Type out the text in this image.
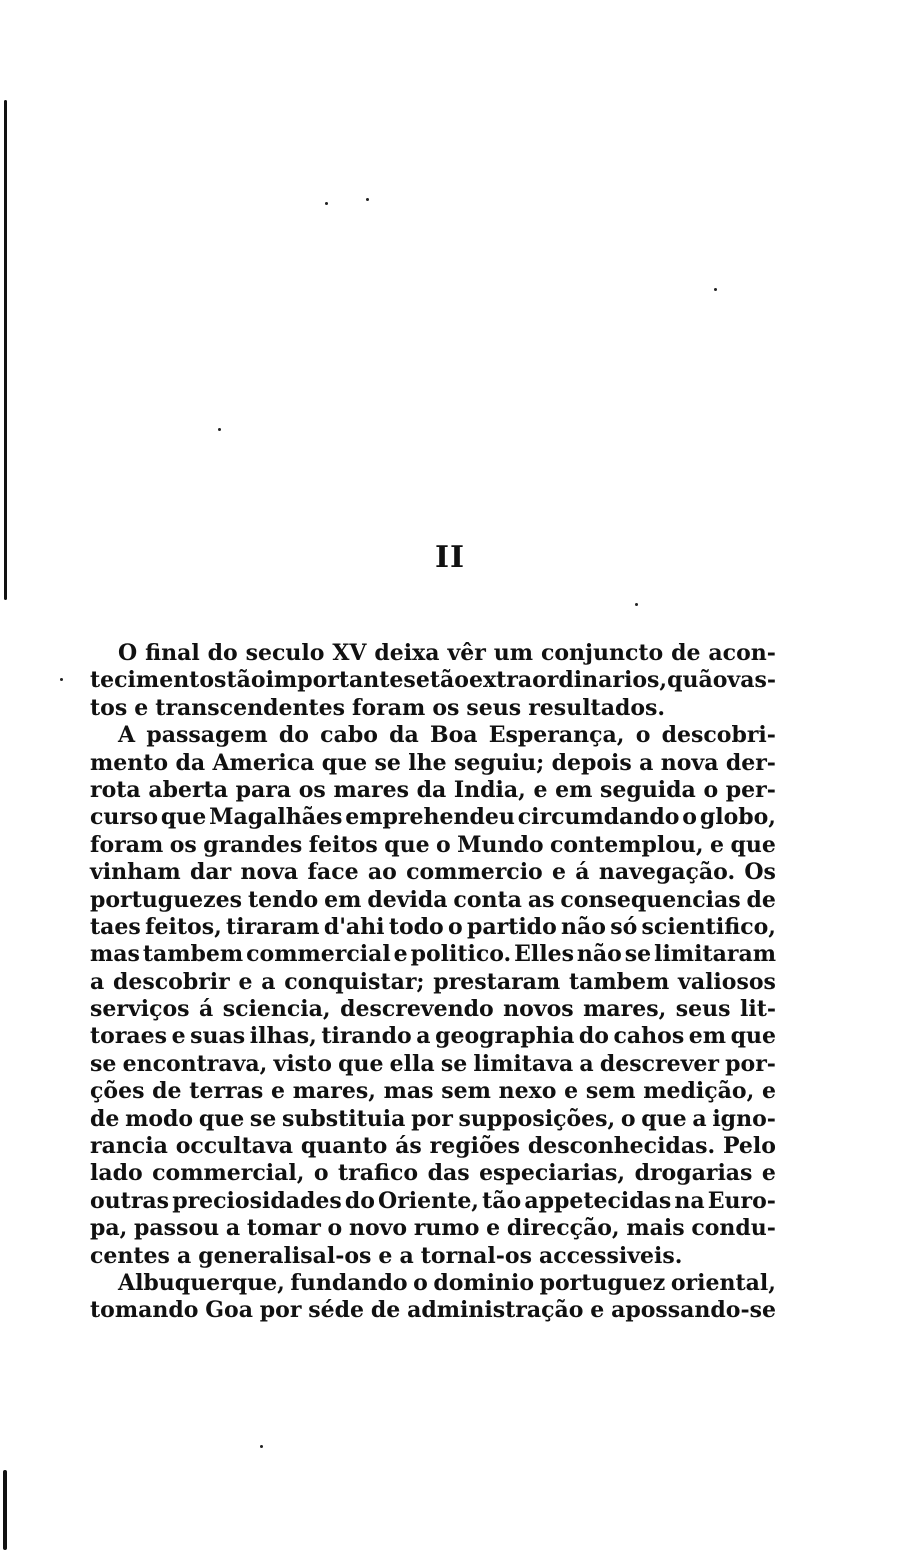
II
O final do seculo XV deixa vêr um conjuncto de acon-
tecimentos tão importantes e tão extraordinarios, quão vas-
tos e transcendentes foram os seus resultados.
A passagem do cabo da Boa Esperança, o descobri-
mento da America que se lhe seguiu; depois a nova der-
rota aberta para os mares da India, e em seguida o per-
curso que Magalhães emprehendeu circumdando o globo,
foram os grandes feitos que o Mundo contemplou, e que
vinham dar nova face ao commercio e á navegação. Os
portuguezes tendo em devida conta as consequencias de
taes feitos, tiraram d'ahi todo o partido não só scientifico,
mas tambem commercial e politico. Elles não se limitaram
a descobrir e a conquistar; prestaram tambem valiosos
serviços á sciencia, descrevendo novos mares, seus lit-
toraes e suas ilhas, tirando a geographia do cahos em que
se encontrava, visto que ella se limitava a descrever por-
ções de terras e mares, mas sem nexo e sem medição, e
de modo que se substituia por supposições, o que a igno-
rancia occultava quanto ás regiões desconhecidas. Pelo
lado commercial, o trafico das especiarias, drogarias e
outras preciosidades do Oriente, tão appetecidas na Euro-
pa, passou a tomar o novo rumo e direcção, mais condu-
centes a generalisal-os e a tornal-os accessiveis.
Albuquerque, fundando o dominio portuguez oriental,
tomando Goa por séde de administração e apossando-se
